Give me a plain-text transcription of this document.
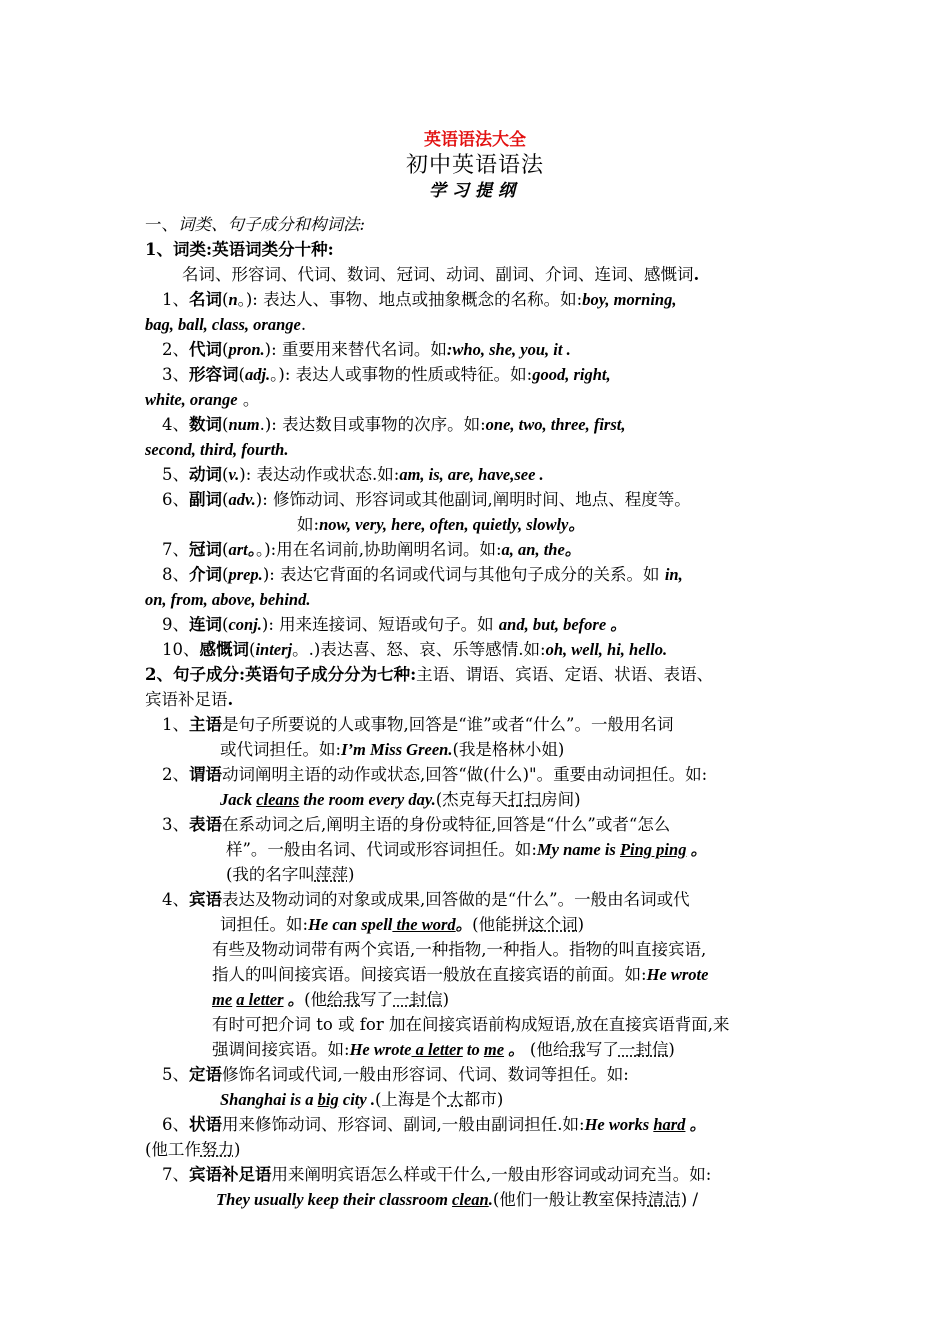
英语语法大全
初中英语语法
学习提纲
一、词类、句子成分和构词法:
1、词类:英语词类分十种:
名词、形容词、代词、数词、冠词、动词、副词、介词、连词、感慨词.
1、名词(n。): 表达人、事物、地点或抽象概念的名称。如:boy, morning,
bag, ball, class, orange.
2、代词(pron.): 重要用来替代名词。如:who, she, you, it .
3、形容词(adj.。): 表达人或事物的性质或特征。如:good, right,
white, orange 。
4、数词(num.): 表达数目或事物的次序。如:one, two, three, first,
second, third, fourth.
5、动词(v.): 表达动作或状态.如:am, is, are, have,see .
6、副词(adv.): 修饰动词、形容词或其他副词,阐明时间、地点、程度等。
如:now, very, here, often, quietly, slowly。
7、冠词(art。。):用在名词前,协助阐明名词。如:a, an, the。
8、介词(prep.): 表达它背面的名词或代词与其他句子成分的关系。如 in,
on, from, above, behind.
9、连词(conj.): 用来连接词、短语或句子。如 and, but, before 。
10、感慨词(interj。.)表达喜、怒、哀、乐等感情.如:oh, well, hi, hello.
2、句子成分:英语句子成分分为七种:主语、谓语、宾语、定语、状语、表语、
宾语补足语.
1、主语是句子所要说的人或事物,回答是“谁”或者“什么”。一般用名词
或代词担任。如:I’m Miss Green.(我是格林小姐)
2、谓语动词阐明主语的动作或状态,回答“做(什么)"。重要由动词担任。如:
Jack cleans the room every day.(杰克每天打扫房间)
3、表语在系动词之后,阐明主语的身份或特征,回答是“什么”或者“怎么
样”。一般由名词、代词或形容词担任。如:My name is Ping ping 。
(我的名字叫萍萍)
4、宾语表达及物动词的对象或成果,回答做的是“什么”。一般由名词或代
词担任。如:He can spell the word。(他能拼这个词)
有些及物动词带有两个宾语,一种指物,一种指人。指物的叫直接宾语,
指人的叫间接宾语。间接宾语一般放在直接宾语的前面。如:He wrote
me a letter 。(他给我写了一封信)
有时可把介词 to 或 for 加在间接宾语前构成短语,放在直接宾语背面,来
强调间接宾语。如:He wrote a letter to me 。 (他给我写了一封信)
5、定语修饰名词或代词,一般由形容词、代词、数词等担任。如:
Shanghai is a big city .(上海是个大都市)
6、状语用来修饰动词、形容词、副词,一般由副词担任.如:He works hard 。
(他工作努力)
7、宾语补足语用来阐明宾语怎么样或干什么,一般由形容词或动词充当。如:
They usually keep their classroom clean.(他们一般让教室保持清洁) /
